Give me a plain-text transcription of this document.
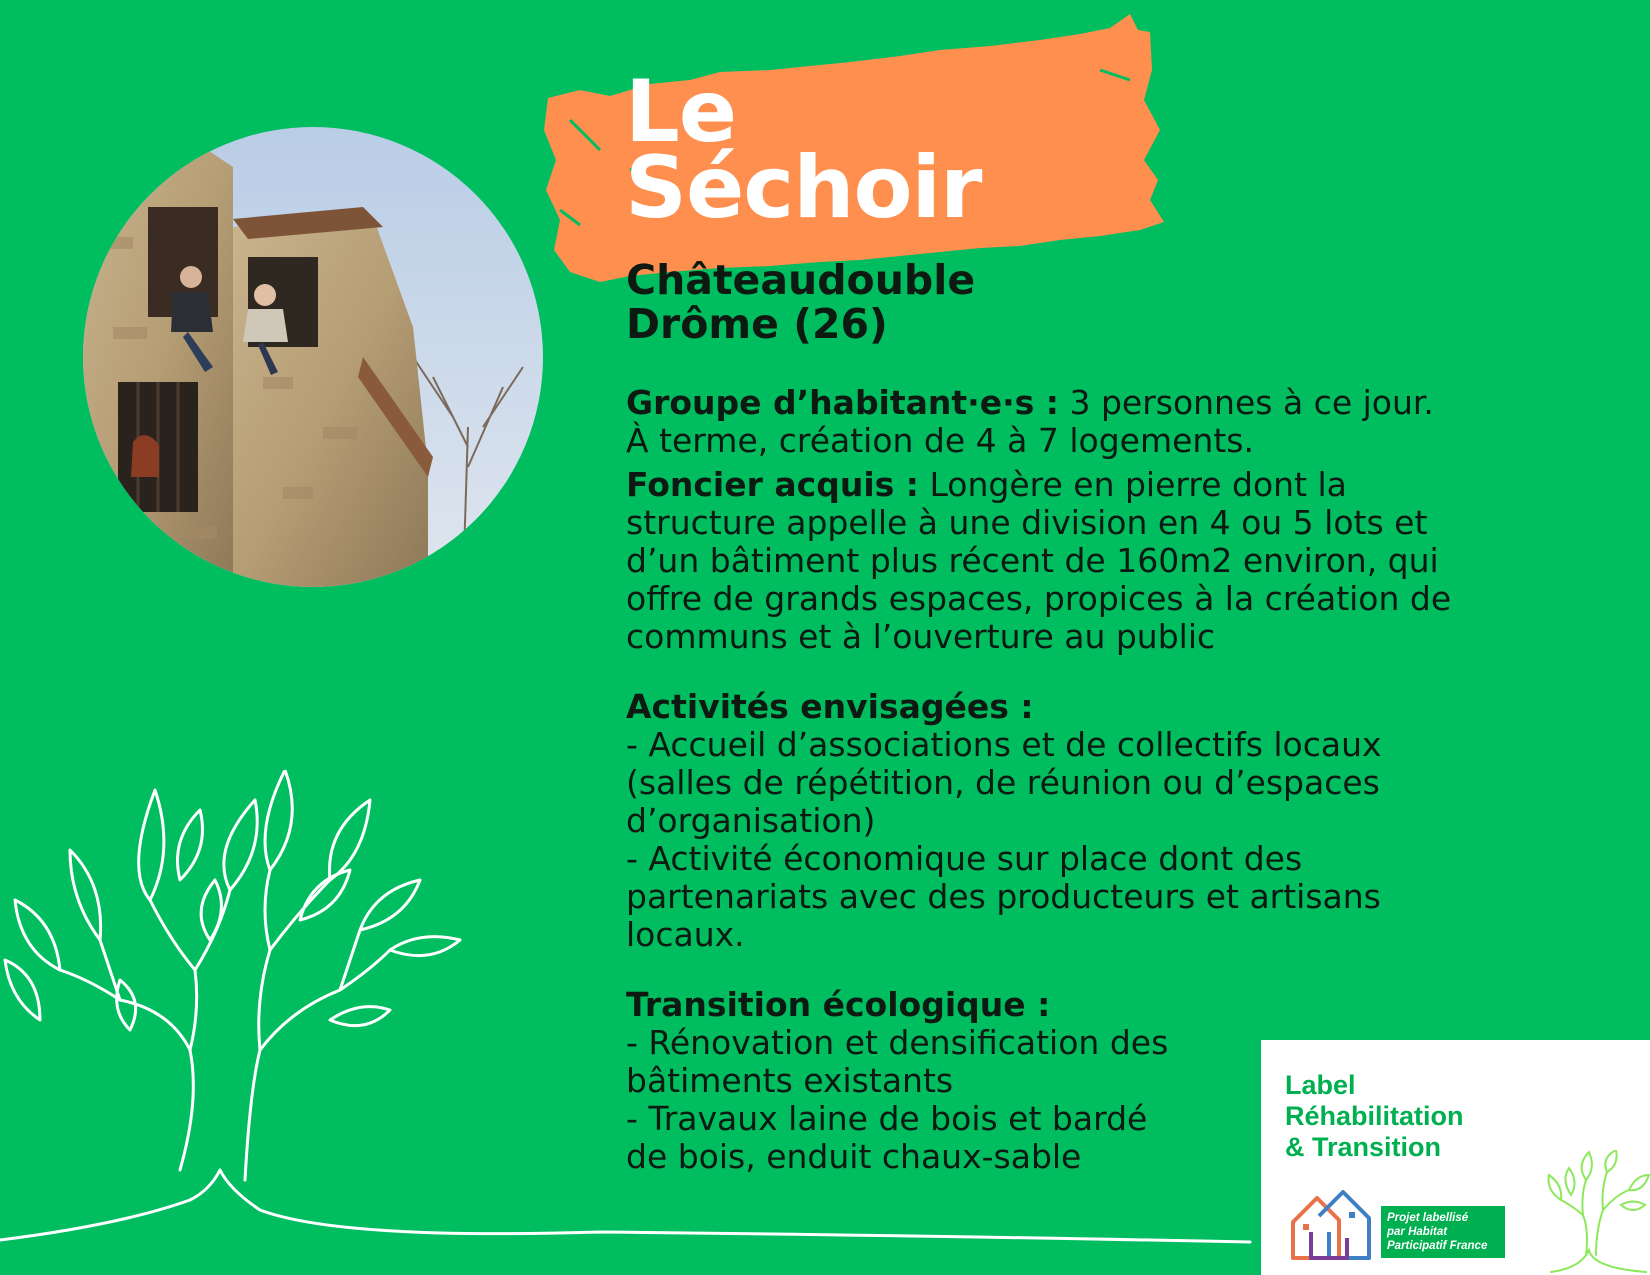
Le
Séchoir
Châteaudouble
Drôme (26)

Groupe d’habitant·e·s : 3 personnes à ce jour.
À terme, création de 4 à 7 logements.

Foncier acquis : Longère en pierre dont la
structure appelle à une division en 4 ou 5 lots et
d’un bâtiment plus récent de 160m2 environ, qui
offre de grands espaces, propices à la création de
communs et à l’ouverture au public

Activités envisagées :
- Accueil d’associations et de collectifs locaux
(salles de répétition, de réunion ou d’espaces
d’organisation)
- Activité économique sur place dont des
partenariats avec des producteurs et artisans
locaux.

Transition écologique :
- Rénovation et densification des
bâtiments existants
- Travaux laine de bois et bardé
de bois, enduit chaux-sable

Label
Réhabilitation
& Transition

Projet labellisé
par Habitat
Participatif France
